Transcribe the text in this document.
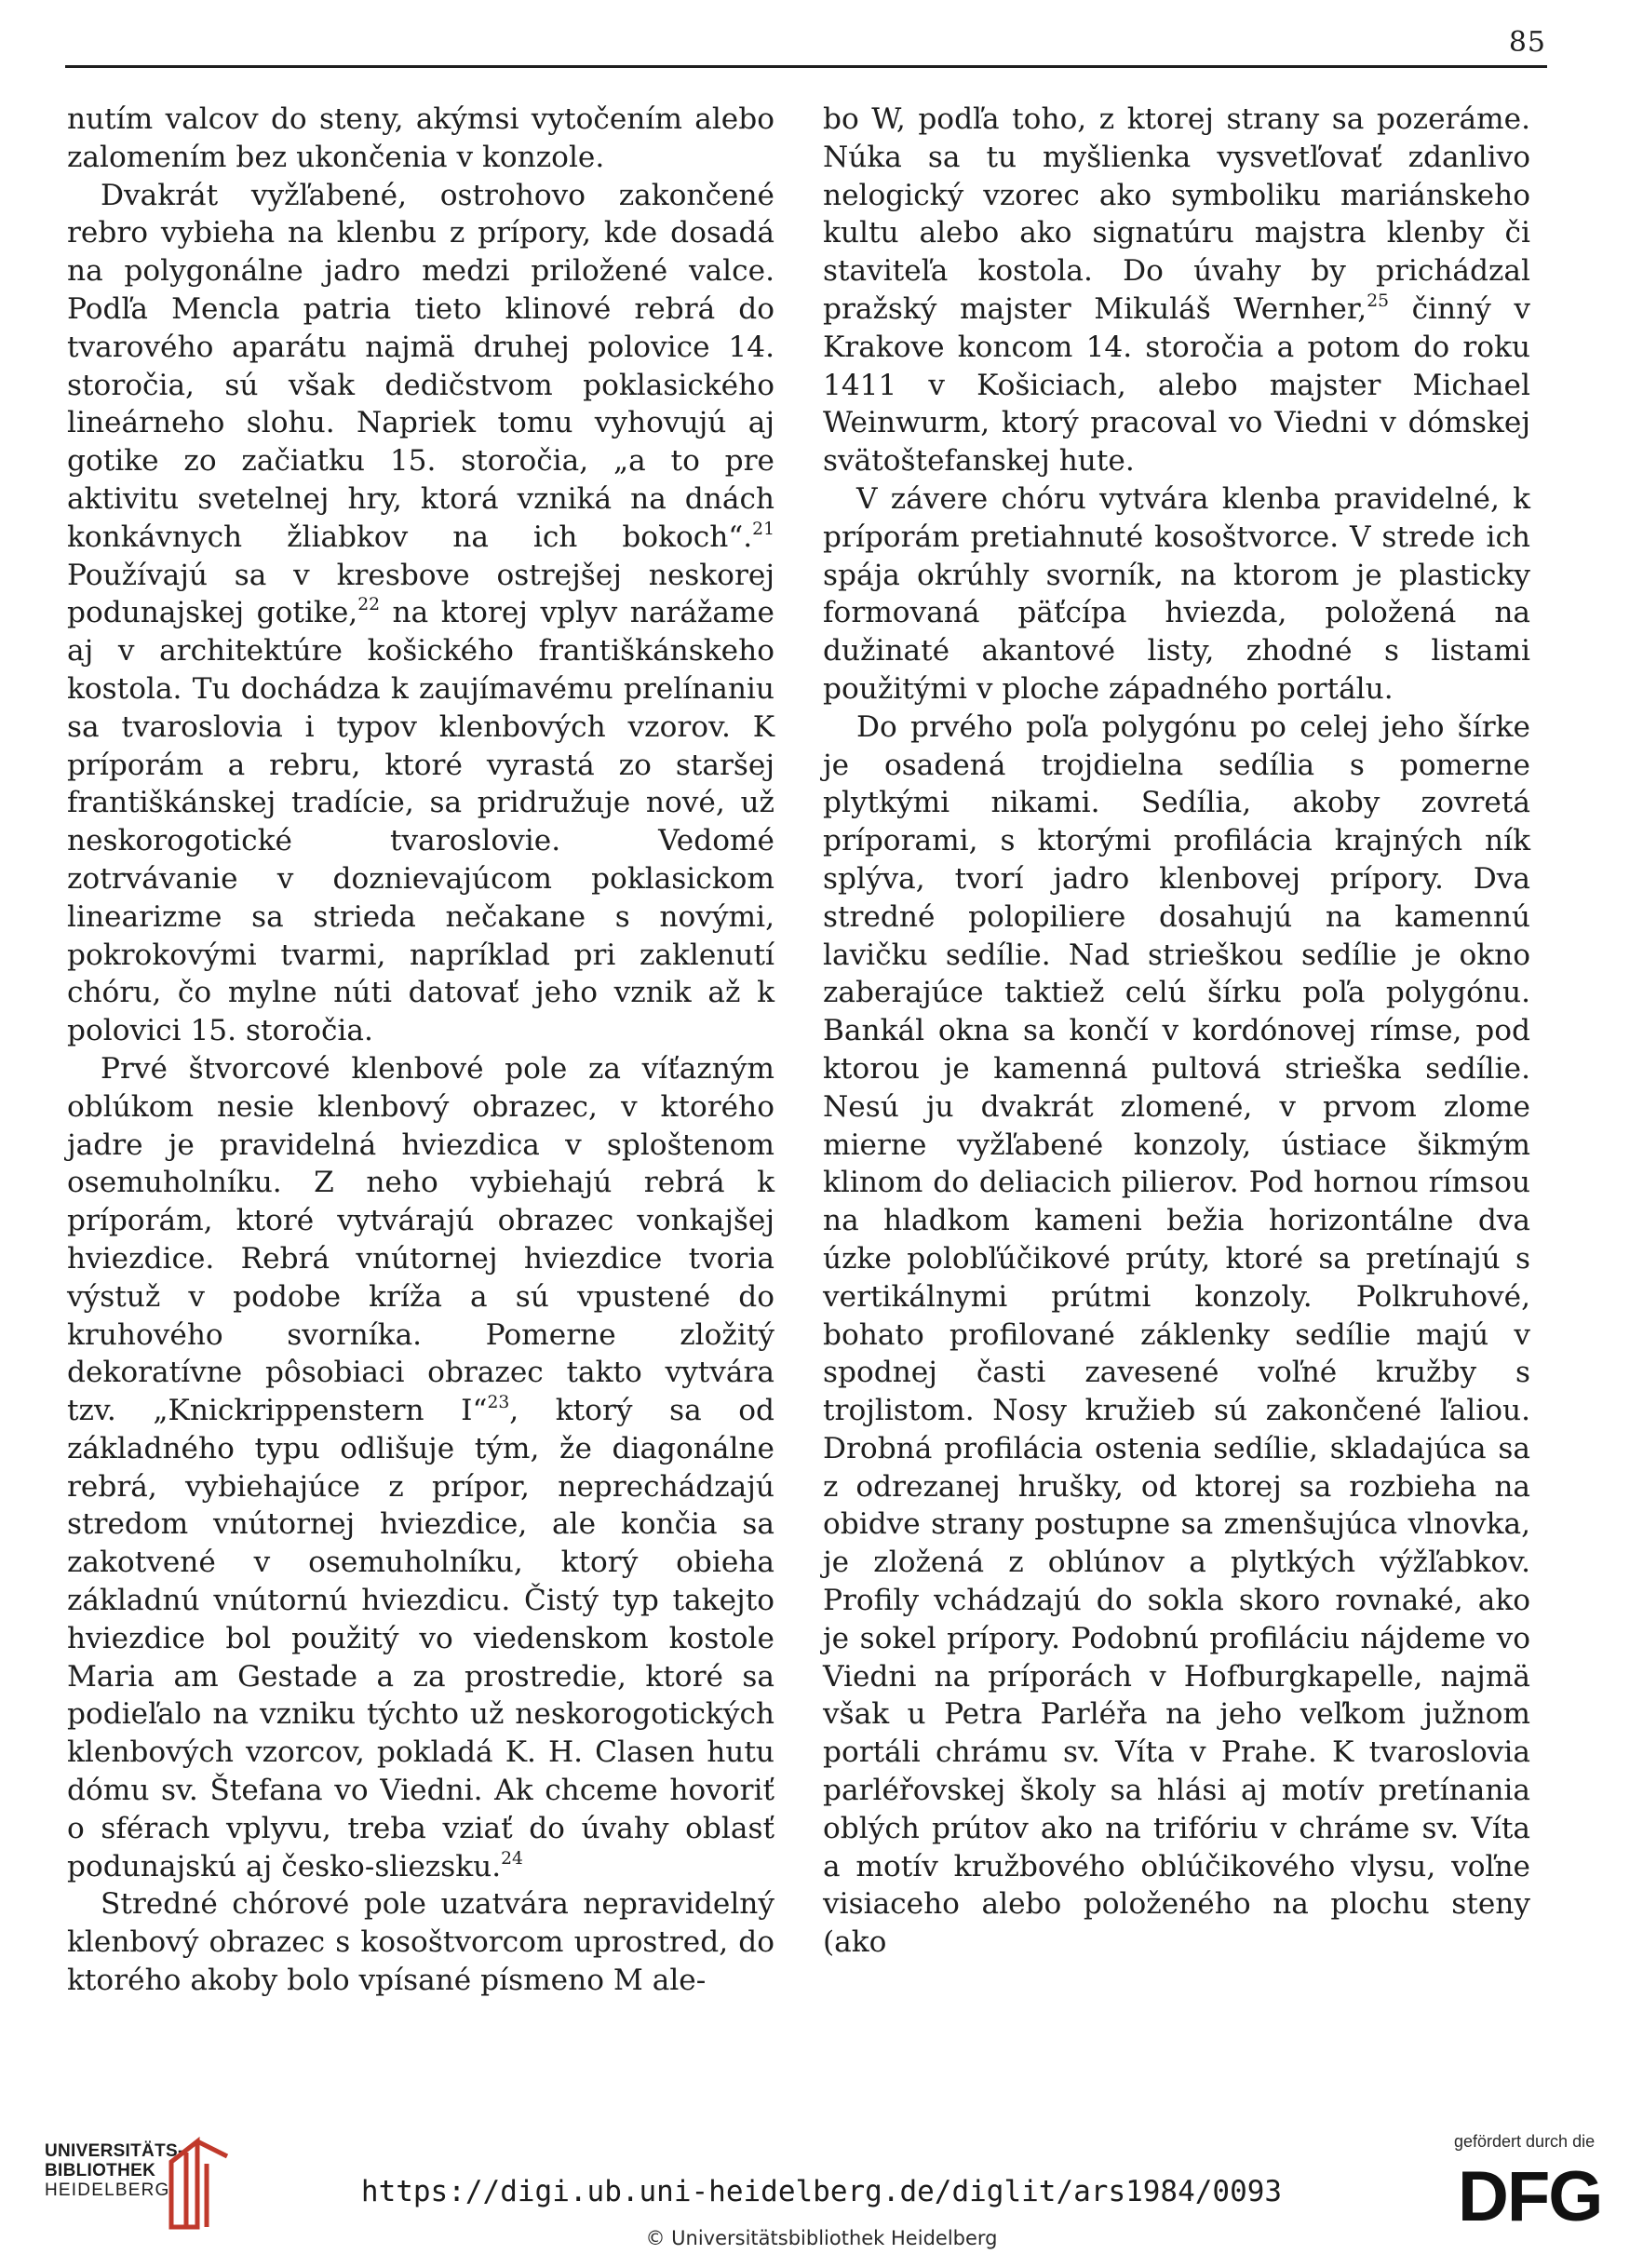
85

nutím valcov do steny, akýmsi vytočením alebo zalomením bez ukončenia v konzole.

Dvakrát vyžľabené, ostrohovo zakončené rebro vybieha na klenbu z prípory, kde dosadá na polygonálne jadro medzi priložené valce. Podľa Mencla patria tieto klinové rebrá do tvarového aparátu najmä druhej polovice 14. storočia, sú však dedičstvom poklasického lineárneho slohu. Napriek tomu vyhovujú aj gotike zo začiatku 15. storočia, „a to pre aktivitu svetelnej hry, ktorá vzniká na dnách konkávnych žliabkov na ich bokoch“.$^{21}$ Používajú sa v kresbove ostrejšej neskorej podunajskej gotike,$^{22}$ na ktorej vplyv narážame aj v architektúre košického františkánskeho kostola. Tu dochádza k zaujímavému prelínaniu sa tvaroslovia i typov klenbových vzorov. K príporám a rebru, ktoré vyrastá zo staršej františkánskej tradície, sa pridružuje nové, už neskorogotické tvaroslovie. Vedomé zotrvávanie v doznievajúcom poklasickom linearizme sa strieda nečakane s novými, pokrokovými tvarmi, napríklad pri zaklenutí chóru, čo mylne núti datovať jeho vznik až k polovici 15. storočia.

Prvé štvorcové klenbové pole za víťazným oblúkom nesie klenbový obrazec, v ktorého jadre je pravidelná hviezdica v sploštenom osemuholníku. Z neho vybiehajú rebrá k príporám, ktoré vytvárajú obrazec vonkajšej hviezdice. Rebrá vnútornej hviezdice tvoria výstuž v podobe kríža a sú vpustené do kruhového svorníka. Pomerne zložitý dekoratívne pôsobiaci obrazec takto vytvára tzv. „Knickrippenstern I“$^{23}$, ktorý sa od základného typu odlišuje tým, že diagonálne rebrá, vybiehajúce z prípor, neprechádzajú stredom vnútornej hviezdice, ale končia sa zakotvené v osemuholníku, ktorý obieha základnú vnútornú hviezdicu. Čistý typ takejto hviezdice bol použitý vo viedenskom kostole Maria am Gestade a za prostredie, ktoré sa podieľalo na vzniku týchto už neskorogotických klenbových vzorcov, pokladá K. H. Clasen hutu dómu sv. Štefana vo Viedni. Ak chceme hovoriť o sférach vplyvu, treba vziať do úvahy oblasť podunajskú aj česko-sliezsku.$^{24}$

Stredné chórové pole uzatvára nepravidelný klenbový obrazec s kosoštvorcom uprostred, do ktorého akoby bolo vpísané písmeno M ale-

bo W, podľa toho, z ktorej strany sa pozeráme. Núka sa tu myšlienka vysvetľovať zdanlivo nelogický vzorec ako symboliku mariánskeho kultu alebo ako signatúru majstra klenby či staviteľa kostola. Do úvahy by prichádzal pražský majster Mikuláš Wernher,$^{25}$ činný v Krakove koncom 14. storočia a potom do roku 1411 v Košiciach, alebo majster Michael Weinwurm, ktorý pracoval vo Viedni v dómskej svätoštefanskej hute.

V závere chóru vytvára klenba pravidelné, k príporám pretiahnuté kosoštvorce. V strede ich spája okrúhly svorník, na ktorom je plasticky formovaná päťcípa hviezda, položená na dužinaté akantové listy, zhodné s listami použitými v ploche západného portálu.

Do prvého poľa polygónu po celej jeho šírke je osadená trojdielna sedília s pomerne plytkými nikami. Sedília, akoby zovretá príporami, s ktorými profilácia krajných ník splýva, tvorí jadro klenbovej prípory. Dva stredné polopiliere dosahujú na kamennú lavičku sedílie. Nad strieškou sedílie je okno zaberajúce taktiež celú šírku poľa polygónu. Bankál okna sa končí v kordónovej rímse, pod ktorou je kamenná pultová strieška sedílie. Nesú ju dvakrát zlomené, v prvom zlome mierne vyžľabené konzoly, ústiace šikmým klinom do deliacich pilierov. Pod hornou rímsou na hladkom kameni bežia horizontálne dva úzke polobľúčikové prúty, ktoré sa pretínajú s vertikálnymi prútmi konzoly. Polkruhové, bohato profilované záklenky sedílie majú v spodnej časti zavesené voľné kružby s trojlistom. Nosy kružieb sú zakončené ľaliou. Drobná profilácia ostenia sedílie, skladajúca sa z odrezanej hrušky, od ktorej sa rozbieha na obidve strany postupne sa zmenšujúca vlnovka, je zložená z oblúnov a plytkých výžľabkov. Profily vchádzajú do sokla skoro rovnaké, ako je sokel prípory. Podobnú profiláciu nájdeme vo Viedni na príporách v Hofburgkapelle, najmä však u Petra Parléřa na jeho veľkom južnom portáli chrámu sv. Víta v Prahe. K tvaroslovia parléřovskej školy sa hlási aj motív pretínania oblých prútov ako na trifóriu v chráme sv. Víta a motív kružbového oblúčikového vlysu, voľne visiaceho alebo položeného na plochu steny (ako

UNIVERSITÄTS-
BIBLIOTHEK
HEIDELBERG	https://digi.ub.uni-heidelberg.de/diglit/ars1984/0093
© Universitätsbibliothek Heidelberg
gefördert durch die
DFG
